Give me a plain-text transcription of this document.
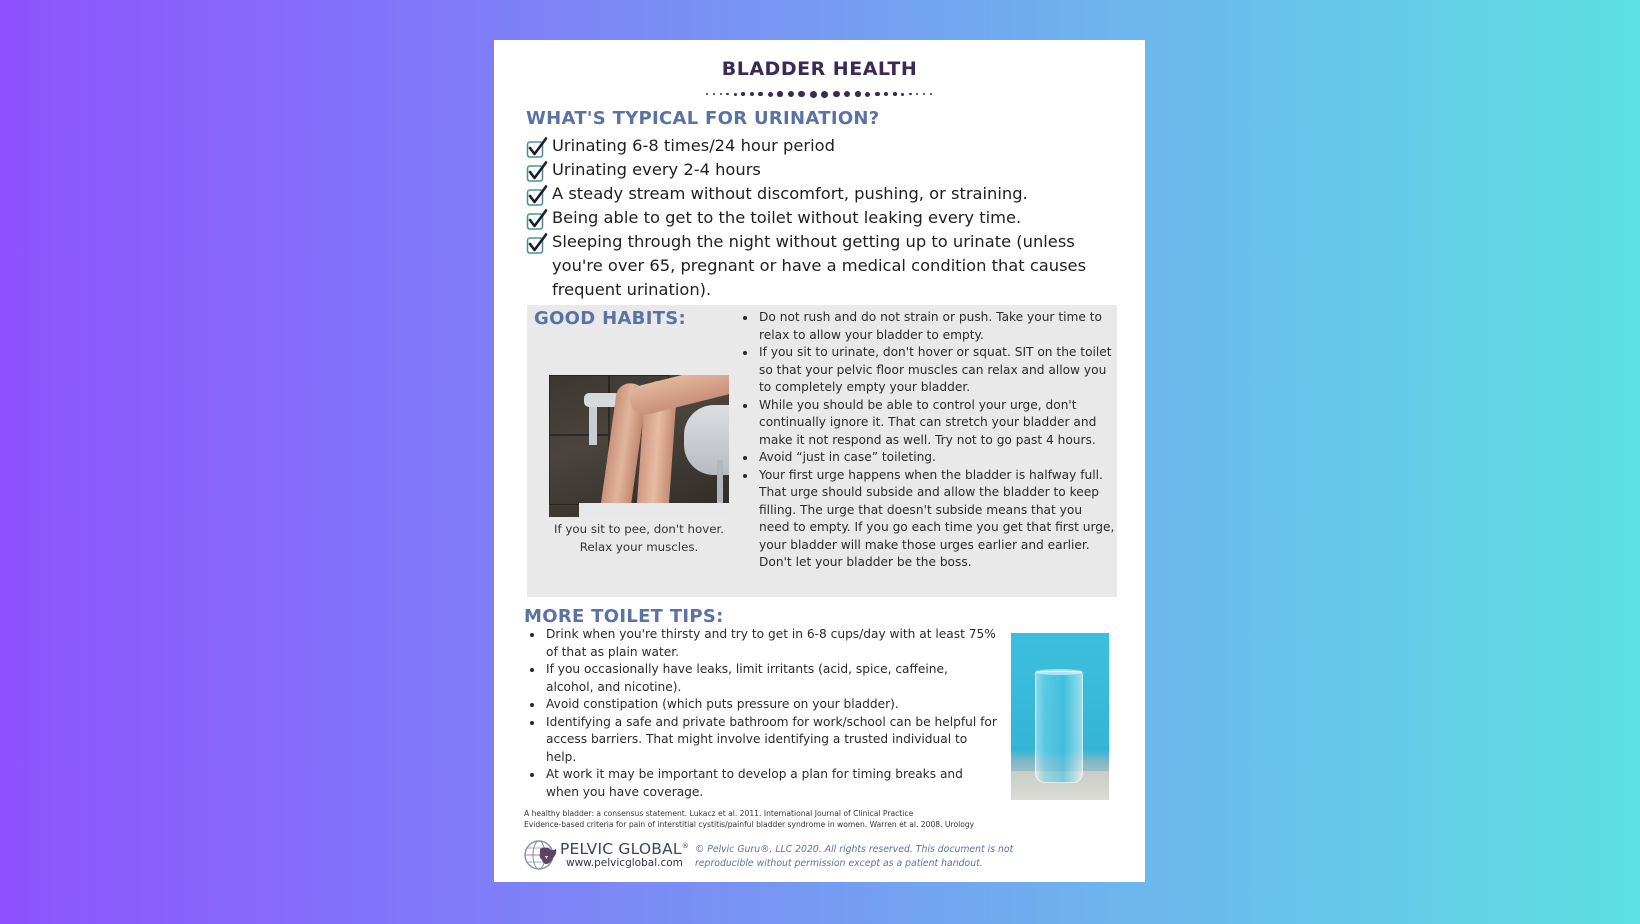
BLADDER HEALTH
WHAT'S TYPICAL FOR URINATION?
Urinating 6-8 times/24 hour period
Urinating every 2-4 hours
A steady stream without discomfort, pushing, or straining.
Being able to get to the toilet without leaking every time.
Sleeping through the night without getting up to urinate (unless you're over 65, pregnant or have a medical condition that causes frequent urination).
GOOD HABITS:
If you sit to pee, don't hover. Relax your muscles.
Do not rush and do not strain or push. Take your time to relax to allow your bladder to empty.
If you sit to urinate, don't hover or squat. SIT on the toilet so that your pelvic floor muscles can relax and allow you to completely empty your bladder.
While you should be able to control your urge, don't continually ignore it. That can stretch your bladder and make it not respond as well. Try not to go past 4 hours.
Avoid “just in case” toileting.
Your first urge happens when the bladder is halfway full. That urge should subside and allow the bladder to keep filling. The urge that doesn't subside means that you need to empty. If you go each time you get that first urge, your bladder will make those urges earlier and earlier. Don't let your bladder be the boss.
MORE TOILET TIPS:
Drink when you're thirsty and try to get in 6-8 cups/day with at least 75% of that as plain water.
If you occasionally have leaks, limit irritants (acid, spice, caffeine, alcohol, and nicotine).
Avoid constipation (which puts pressure on your bladder).
Identifying a safe and private bathroom for work/school can be helpful for access barriers. That might involve identifying a trusted individual to help.
At work it may be important to develop a plan for timing breaks and when you have coverage.
A healthy bladder: a consensus statement. Lukacz et al. 2011. International Journal of Clinical Practice
Evidence-based criteria for pain of interstitial cystitis/painful bladder syndrome in women. Warren et al. 2008. Urology
PELVIC GLOBAL®
www.pelvicglobal.com
© Pelvic Guru®, LLC 2020. All rights reserved. This document is not
reproducible without permission except as a patient handout.
